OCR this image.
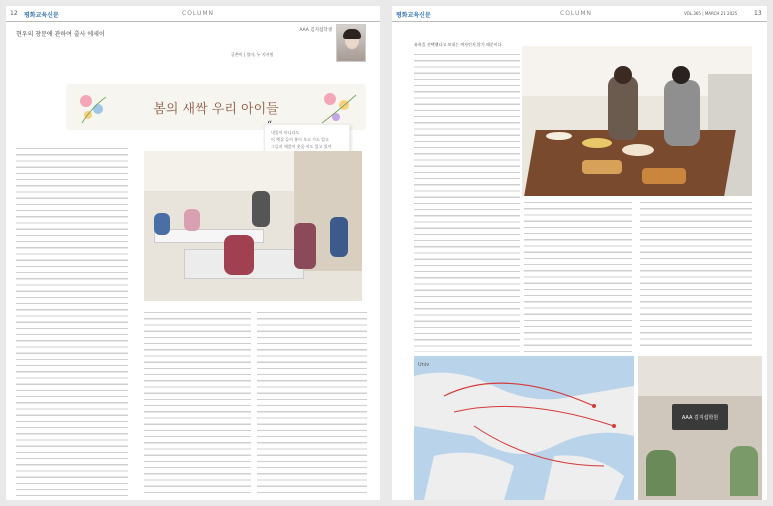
12 평화교육신문	COLUMN
현우의 창문에 관하여 출사 에세이
AAA 김지섭학생
글쓴이 | 엄마, 누 지서원
봄의 새싹 우리 아이들
“
내일이 아니라도
이 햇살 들어 봄이 오고 가도 있고
그들의 깨알이 웃음 이도 있고 있어
평화교육신문	COLUMN	VOL.365 | MARCH 21 2025	13
유학을 선택했다고 보내는 여자인지 않기 때문이다.
Univ
AAA 김지섭학원
